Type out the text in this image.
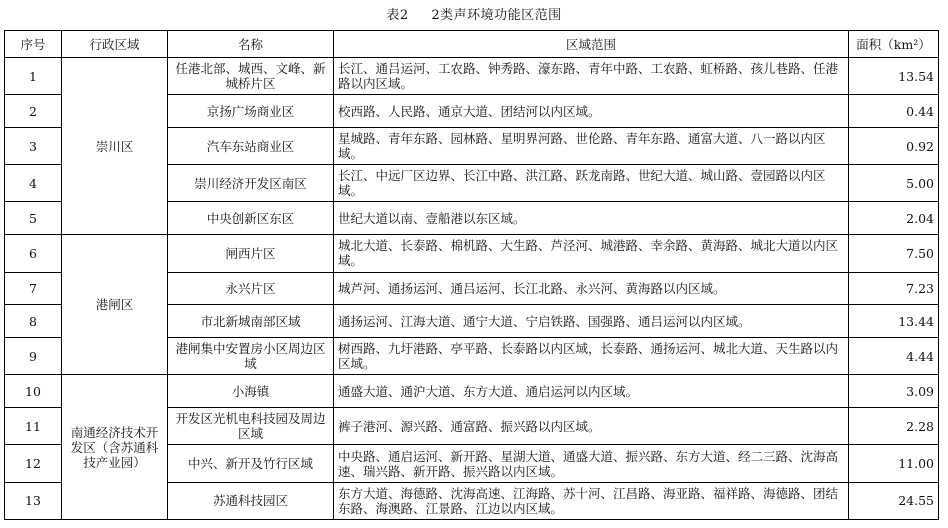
表2 2类声环境功能区范围
序号	行政区域	名称	区域范围	面积（km²）
1	崇川区	任港北部、城西、文峰、新城桥片区	长江、通吕运河、工农路、钟秀路、濠东路、青年中路、工农路、虹桥路、孩儿巷路、任港路以内区域。	13.54
2		京扬广场商业区	校西路、人民路、通京大道、团结河以内区域。	0.44
3		汽车东站商业区	星城路、青年东路、园林路、星明界河路、世伦路、青年东路、通富大道、八一路以内区域。	0.92
4		崇川经济开发区南区	长江、中远厂区边界、长江中路、洪江路、跃龙南路、世纪大道、城山路、壹园路以内区域。	5.00
5		中央创新区东区	世纪大道以南、壹船港以东区域。	2.04
6	港闸区	闸西片区	城北大道、长泰路、棉机路、大生路、芦泾河、城港路、幸余路、黄海路、城北大道以内区域。	7.50
7		永兴片区	城芦河、通扬运河、通吕运河、长江北路、永兴河、黄海路以内区域。	7.23
8		市北新城南部区域	通扬运河、江海大道、通宁大道、宁启铁路、国强路、通吕运河以内区域。	13.44
9		港闸集中安置房小区周边区域	树西路、九圩港路、亭平路、长泰路以内区域，长泰路、通扬运河、城北大道、天生路以内区域。	4.44
10	南通经济技术开发区（含苏通科技产业园）	小海镇	通盛大道、通沪大道、东方大道、通启运河以内区域。	3.09
11		开发区光机电科技园及周边区域	裤子港河、源兴路、通富路、振兴路以内区域。	2.28
12		中兴、新开及竹行区域	中央路、通启运河、新开路、星湖大道、通盛大道、振兴路、东方大道、经二三路、沈海高速、瑞兴路、新开路、振兴路以内区域。	11.00
13		苏通科技园区	东方大道、海德路、沈海高速、江海路、苏十河、江昌路、海亚路、福祥路、海德路、团结东路、海澳路、江景路、江边以内区域。	24.55
